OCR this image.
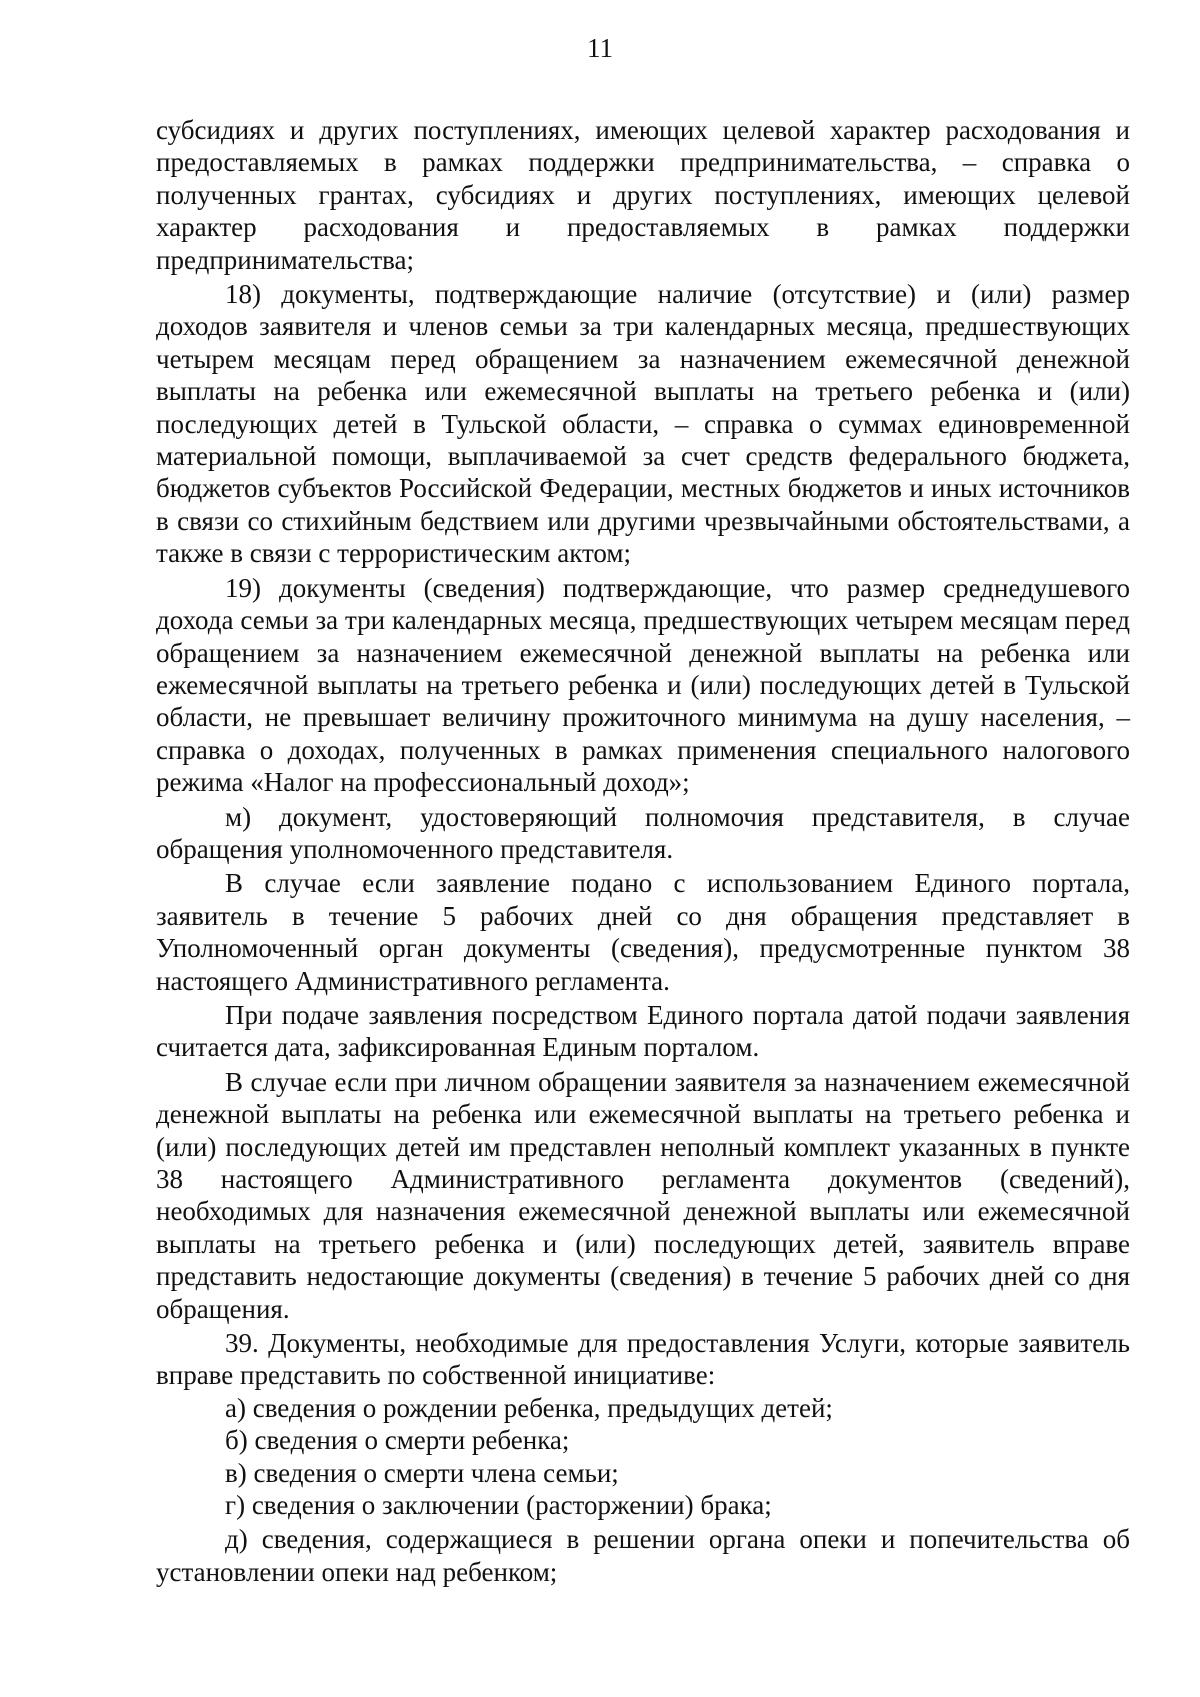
11

субсидиях и других поступлениях, имеющих целевой характер расходования и предоставляемых в рамках поддержки предпринимательства, – справка о полученных грантах, субсидиях и других поступлениях, имеющих целевой характер расходования и предоставляемых в рамках поддержки предпринимательства;

18) документы, подтверждающие наличие (отсутствие) и (или) размер доходов заявителя и членов семьи за три календарных месяца, предшествующих четырем месяцам перед обращением за назначением ежемесячной денежной выплаты на ребенка или ежемесячной выплаты на третьего ребенка и (или) последующих детей в Тульской области, – справка о суммах единовременной материальной помощи, выплачиваемой за счет средств федерального бюджета, бюджетов субъектов Российской Федерации, местных бюджетов и иных источников в связи со стихийным бедствием или другими чрезвычайными обстоятельствами, а также в связи с террористическим актом;

19) документы (сведения) подтверждающие, что размер среднедушевого дохода семьи за три календарных месяца, предшествующих четырем месяцам перед обращением за назначением ежемесячной денежной выплаты на ребенка или ежемесячной выплаты на третьего ребенка и (или) последующих детей в Тульской области, не превышает величину прожиточного минимума на душу населения, – справка о доходах, полученных в рамках применения специального налогового режима «Налог на профессиональный доход»;

м) документ, удостоверяющий полномочия представителя, в случае обращения уполномоченного представителя.

В случае если заявление подано с использованием Единого портала, заявитель в течение 5 рабочих дней со дня обращения представляет в Уполномоченный орган документы (сведения), предусмотренные пунктом 38 настоящего Административного регламента.

При подаче заявления посредством Единого портала датой подачи заявления считается дата, зафиксированная Единым порталом.

В случае если при личном обращении заявителя за назначением ежемесячной денежной выплаты на ребенка или ежемесячной выплаты на третьего ребенка и (или) последующих детей им представлен неполный комплект указанных в пункте 38 настоящего Административного регламента документов (сведений), необходимых для назначения ежемесячной денежной выплаты или ежемесячной выплаты на третьего ребенка и (или) последующих детей, заявитель вправе представить недостающие документы (сведения) в течение 5 рабочих дней со дня обращения.

39. Документы, необходимые для предоставления Услуги, которые заявитель вправе представить по собственной инициативе:

а) сведения о рождении ребенка, предыдущих детей;

б) сведения о смерти ребенка;

в) сведения о смерти члена семьи;

г) сведения о заключении (расторжении) брака;

д) сведения, содержащиеся в решении органа опеки и попечительства об установлении опеки над ребенком;
